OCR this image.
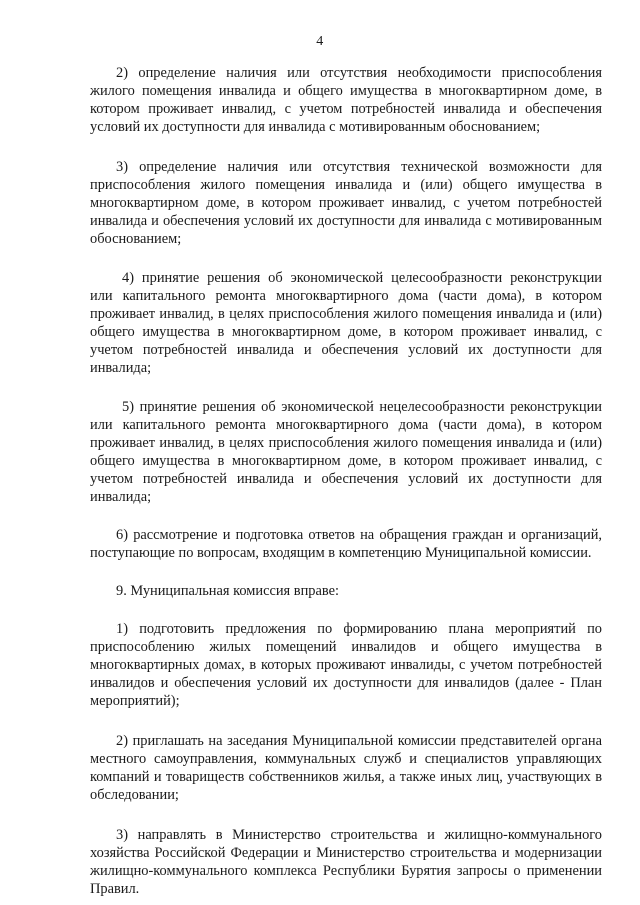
4

2) определение наличия или отсутствия необходимости приспособления жилого помещения инвалида и общего имущества в многоквартирном доме, в котором проживает инвалид, с учетом потребностей инвалида и обеспечения условий их доступности для инвалида с мотивированным обоснованием;

3) определение наличия или отсутствия технической возможности для приспособления жилого помещения инвалида и (или) общего имущества в многоквартирном доме, в котором проживает инвалид, с учетом потребностей инвалида и обеспечения условий их доступности для инвалида с мотивированным обоснованием;

4) принятие решения об экономической целесообразности реконструкции или капитального ремонта многоквартирного дома (части дома), в котором проживает инвалид, в целях приспособления жилого помещения инвалида и (или) общего имущества в многоквартирном доме, в котором проживает инвалид, с учетом потребностей инвалида и обеспечения условий их доступности для инвалида;

5) принятие решения об экономической нецелесообразности реконструкции или капитального ремонта многоквартирного дома (части дома), в котором проживает инвалид, в целях приспособления жилого помещения инвалида и (или) общего имущества в многоквартирном доме, в котором проживает инвалид, с учетом потребностей инвалида и обеспечения условий их доступности для инвалида;

6) рассмотрение и подготовка ответов на обращения граждан и организаций, поступающие по вопросам, входящим в компетенцию Муниципальной комиссии.

9. Муниципальная комиссия вправе:

1) подготовить предложения по формированию плана мероприятий по приспособлению жилых помещений инвалидов и общего имущества в многоквартирных домах, в которых проживают инвалиды, с учетом потребностей инвалидов и обеспечения условий их доступности для инвалидов (далее - План мероприятий);

2) приглашать на заседания Муниципальной комиссии представителей органа местного самоуправления, коммунальных служб и специалистов управляющих компаний и товариществ собственников жилья, а также иных лиц, участвующих в обследовании;

3) направлять в Министерство строительства и жилищно-коммунального хозяйства Российской Федерации и Министерство строительства и модернизации жилищно-коммунального комплекса Республики Бурятия запросы о применении Правил.
